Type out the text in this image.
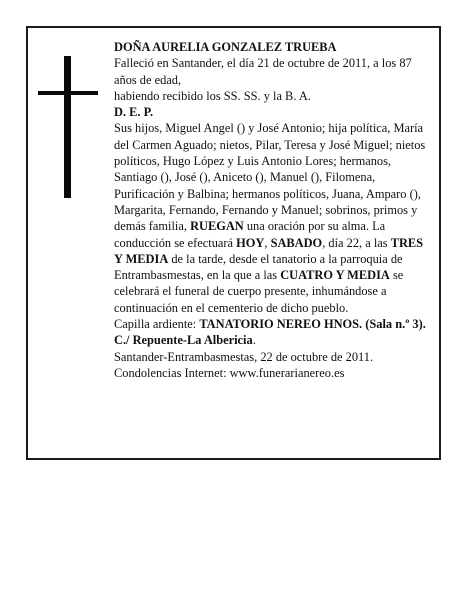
DOÑA AURELIA GONZALEZ TRUEBA

Falleció en Santander, el día 21 de octubre de 2011, a los 87 años de edad,

habiendo recibido los SS. SS. y la B. A.

D. E. P.

Sus hijos, Miguel Angel () y José Antonio; hija política, María del Carmen Aguado; nietos, Pilar, Teresa y José Miguel; nietos políticos, Hugo López y Luis Antonio Lores; hermanos, Santiago (), José (), Aniceto (), Manuel (), Filomena, Purificación y Balbina; hermanos políticos, Juana, Amparo (), Margarita, Fernando, Fernando y Manuel; sobrinos, primos y demás familia, RUEGAN una oración por su alma. La conducción se efectuará HOY, SABADO, día 22, a las TRES Y MEDIA de la tarde, desde el tanatorio a la parroquia de Entrambasmestas, en la que a las CUATRO Y MEDIA se celebrará el funeral de cuerpo presente, inhumándose a continuación en el cementerio de dicho pueblo.

Capilla ardiente: TANATORIO NEREO HNOS. (Sala n.º 3). C./ Repuente-La Albericia.

Santander-Entrambasmestas, 22 de octubre de 2011.

Condolencias Internet: www.funerarianereo.es
